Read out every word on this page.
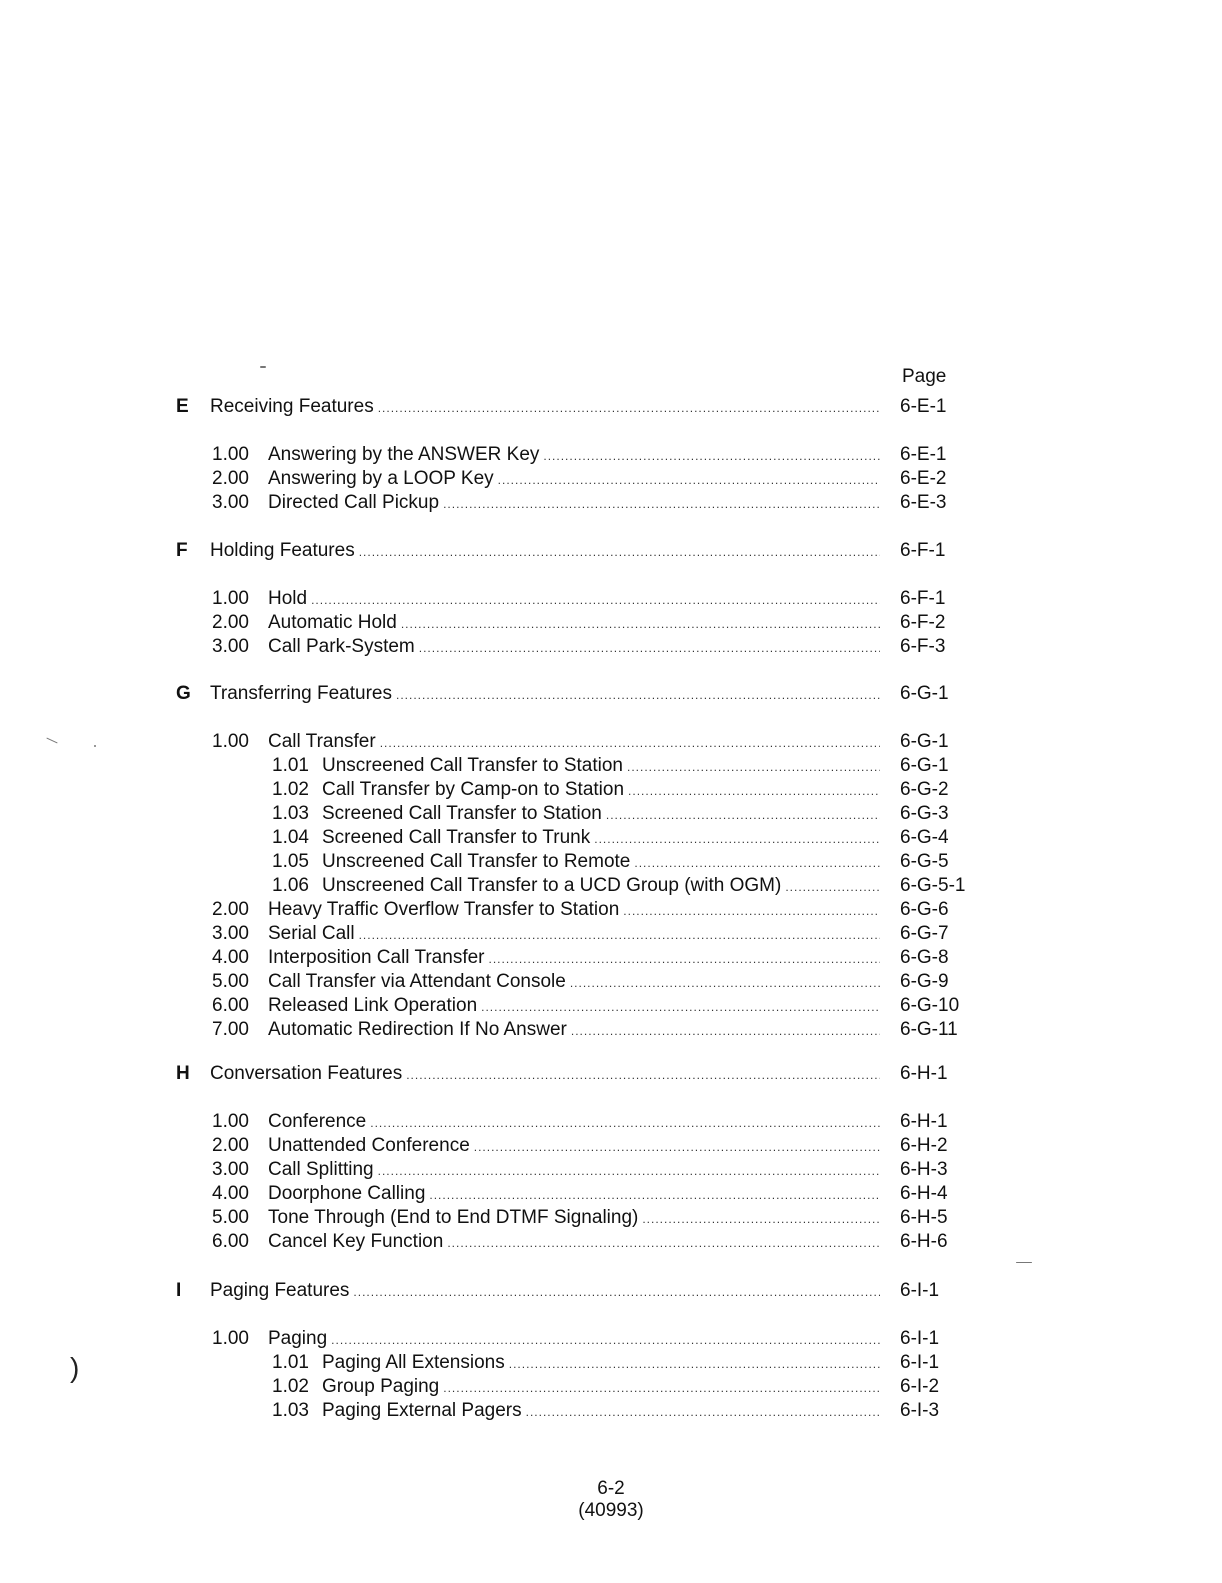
Page
E Receiving Features .....	6-E-1
1.00 Answering by the ANSWER Key .....	6-E-1
2.00 Answering by a LOOP Key .....	6-E-2
3.00 Directed Call Pickup .....	6-E-3
F Holding Features .....	6-F-1
1.00 Hold .....	6-F-1
2.00 Automatic Hold .....	6-F-2
3.00 Call Park-System .....	6-F-3
G Transferring Features .....	6-G-1
1.00 Call Transfer .....	6-G-1
1.01 Unscreened Call Transfer to Station .....	6-G-1
1.02 Call Transfer by Camp-on to Station .....	6-G-2
1.03 Screened Call Transfer to Station .....	6-G-3
1.04 Screened Call Transfer to Trunk .....	6-G-4
1.05 Unscreened Call Transfer to Remote .....	6-G-5
1.06 Unscreened Call Transfer to a UCD Group (with OGM) .....	6-G-5-1
2.00 Heavy Traffic Overflow Transfer to Station .....	6-G-6
3.00 Serial Call .....	6-G-7
4.00 Interposition Call Transfer .....	6-G-8
5.00 Call Transfer via Attendant Console .....	6-G-9
6.00 Released Link Operation .....	6-G-10
7.00 Automatic Redirection If No Answer .....	6-G-11
H Conversation Features .....	6-H-1
1.00 Conference .....	6-H-1
2.00 Unattended Conference .....	6-H-2
3.00 Call Splitting .....	6-H-3
4.00 Doorphone Calling .....	6-H-4
5.00 Tone Through (End to End DTMF Signaling) .....	6-H-5
6.00 Cancel Key Function .....	6-H-6
I Paging Features .....	6-I-1
1.00 Paging .....	6-I-1
1.01 Paging All Extensions .....	6-I-1
1.02 Group Paging .....	6-I-2
1.03 Paging External Pagers .....	6-I-3
6-2
(40993)
)
